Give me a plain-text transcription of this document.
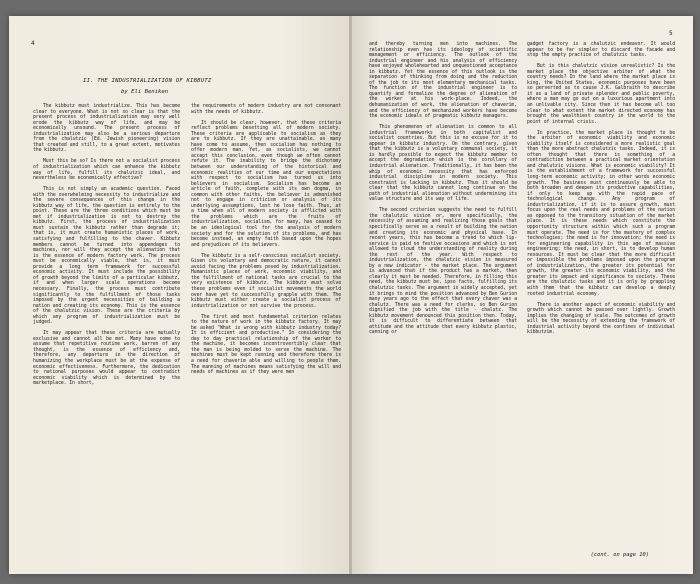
4
II. THE INDUSTRIALIZATION OF KIBBUTZ
by Eli Beniken

The kibbutz must industrialize. This has become clear to everyone. What is not so clear is that the present process of industrialization may very well erode the kibbutz way of life, and may be economically unsound. The present process of industrialization may also be a serious departure from the chalutzic (Ed. Jewish pioneering) vision that created and still, to a great extent, motivates the kibbutz.

Must this be so? Is there not a socialist process of industrialization which can enhance the kibbutz way of life, fulfill its chalutzic ideal, and nevertheless be economically effective?

This is not simply an academic question. Faced with the overwhelming necessity to industrialize and the severe consequences of this change in the kibbutz way of life, the question is entirely to the point. These are the three conditions which must be met if industrialization is not to destroy the kibbutz. First, the process of industrialization must sustain the kibbutz rather than degrade it; that is, it must create humanistic places of work, satisfying and fulfilling to the chaver. Kibbutz members cannot be turned into appendages to machines, nor will they accept the alienation that is the essence of modern factory work. The process must be economically viable, that is, it must provide a long term framework for successful economic activity. It must include the possibility of growth beyond the limits of a particular kibbutz, if and when larger scale operations become necessary. Finally, the process must contribute significantly to the fulfillment of those tasks imposed by the urgent necessities of building a nation and creating its economy. This is the essence of the chalutzic vision. These are the criteria by which any program of industrialization must be judged.

It may appear that these criteria are mutually exclusive and cannot all be met. Many have come to assume that repetitive routine work, barren of any thought, is the essence of efficiency and, therefore, any departure in the direction of humanizing the workplace must be at the expense of economic effectiveness. Furthermore, the dedication to national purposes would appear to contradict economic viability which is determined by the marketplace. In short,

the requirements of modern industry are not consonant with the needs of kibbutz.

It should be clear, however, that these criteria reflect problems besetting all of modern society. These criteria are applicable to socialism as they are to kibbutz. If they are unattainable, as many have come to assume, then socialism has nothing to offer modern man. Yet, as socialists, we cannot accept this conclusion, even though we often cannot refute it. The inability to bridge the dichotomy between our understanding of the historical and economic realities of our time and our expectations with respect to socialism has turned us into believers in socialism. Socialism has become an article of faith, complete with its own dogma, in common with other faiths, the believer is admonished not to engage in criticism or analysis of its underlying assumptions, lest he lose faith. Thus, at a time when all of modern society is afflicted with the problems which are the fruits of industrialization, socialism, for many, has ceased to be an ideological tool for the analysis of modern society and for the solution of its problems, and has become instead, an empty faith based upon the hopes and prejudices of its believers.

The kibbutz is a self-conscious socialist society. Given its voluntary and democratic nature, it cannot avoid facing the problems posed by industrialization. Humanistic places of work, economic viability, and the fulfillment of national tasks are crucial to the very existence of kibbutz. The kibbutz must solve these problems even if socialist movements the world over have yet to successfully grapple with them. The kibbutz must either create a socialist process of industrialization or not survive the process.

The first and most fundamental criterion relates to the nature of work in the kibbutz factory. It may be asked "What is wrong with kibbutz industry today? It is efficient and productive." In considering the day to day practical relationship of the worker to the machine, it becomes incontrovertibly clear that the man is being molded to serve the machine. The machines must be kept running and therefore there is a need for chaverim able and willing to people them. The manning of machines means satisfying the will and needs of machines as if they were men

5

and thereby turning men into machines. The relationship even has its ideology of scientific management or efficiency. The outlook of the industrial engineer and his analysis of efficiency have enjoyed wholehearted and unquestioned acceptance in kibbutz. Yet the essence of this outlook is the separation of thinking from doing and the reduction of the job to its most elementary mechanical tasks. The function of the industrial engineer is to quantify and formalize the degree of alienation of the worker at his work-place. Indeed, the dehumanization of work, the alienation of chaverim, and the efficiency of mechanized workers have become the economic ideals of pragmatic kibbutz managers.

This phenomenon of alienation is common to all industrial frameworks in both capitalist and socialist countries. But this is no excuse for it to appear in kibbutz industry. On the contrary, given that the kibbutz is a voluntary communal society, it is hardly possible to expect the kibbutz member to accept the degradation which is the corollary of industrial alienation. Traditionally, it has been the whip of economic necessity that has enforced industrial discipline in modern society. This constraint is lacking in kibbutz. Thus it should be clear that the kibbutz cannot long continue on the path of industrial alienation without undermining its value structure and its way of life.

The second criterion suggests the need to fulfill the chalutzic vision or, more specifically, the necessity of assuming and realizing those goals that specifically serve as a result of building the nation and creating its economic and physical base. In recent years, this has become a trend to which lip-service is paid on festive occasions and which is not allowed to cloud the understanding of reality during the rest of the year. With respect to industrialization, the chalutzic vision is measured by a new indicator - the market place. The argument is advanced that if the product has a market, then clearly it must be needed. Therefore, in filling this need, the kibbutz must be, ipso facto, fulfilling its chalutzic tasks. The argument is widely accepted, yet it brings to mind the position advanced by Ben Gurion many years ago to the effect that every chaver was a chalutz. There was a need for clerks, so Ben Gurion dignified the job with the title - chalutz. The kibbutz movement denounced this position then. Today, it is difficult to differentiate between that attitude and the attitude that every kibbutz plastic, canning or

gadget factory is a chalutzic endeavor. It would appear to be far simpler to discard the facade and stop the empty practice of chalutzic tasks.

But is this chalutzic vision unrealistic? Is the market place the objective arbiter of what the country needs? In the land where the market place is king, the United States, economic purposes have been so perverted as to cause J.K. Galbraith to describe it as a land of private splendor and public poverty, where a man may go out on a luxurious apartment into an unlivable city. Since then it has become all too clear to what extent the market directed economy has brought the wealthiest country in the world to the point of internal crisis.

In practice, the market place is thought to be the arbiter of economic viability and economic viability itself is considered a more realistic goal than the more abstract chalutzic tasks. Indeed, it is often thought that there is something of a contradiction between a practical market orientation and chalutzic visions. What is economic viability? It is the establishment of a framework for successful long-term economic activity; in other words economic growth. The business must continuously be able to both broaden and deepen its productive capabilities, if only to keep up with the rapid pace of technological change. Any program of industrialization, if it is to assure growth, must focus upon the real needs and problems of the nation as opposed to the transitory situation of the market place. It is these needs which constitute the opportunity structure within which such a program must operate. The need is for the mastery of complex technologies; the need is for innovation; the need is for engineering capability in this age of massive engineering; the need, in short, is to develop human resources. It must be clear that the more difficult or impossible the problems imposed upon the program of industrialization, the greater its potential for growth, the greater its economic viability, and the greater its impact and significance to society. These are the chalutzic tasks and it is only by grappling with them that the kibbutz can develop a deeply rooted industrial economy.

There is another aspect of economic viability and growth which cannot be passed over lightly. Growth implies the changing of scale. The outcomes of growth will be the necessity of extending the framework of industrial activity beyond the confines of individual kibbutzim.

(cont. on page 10)
